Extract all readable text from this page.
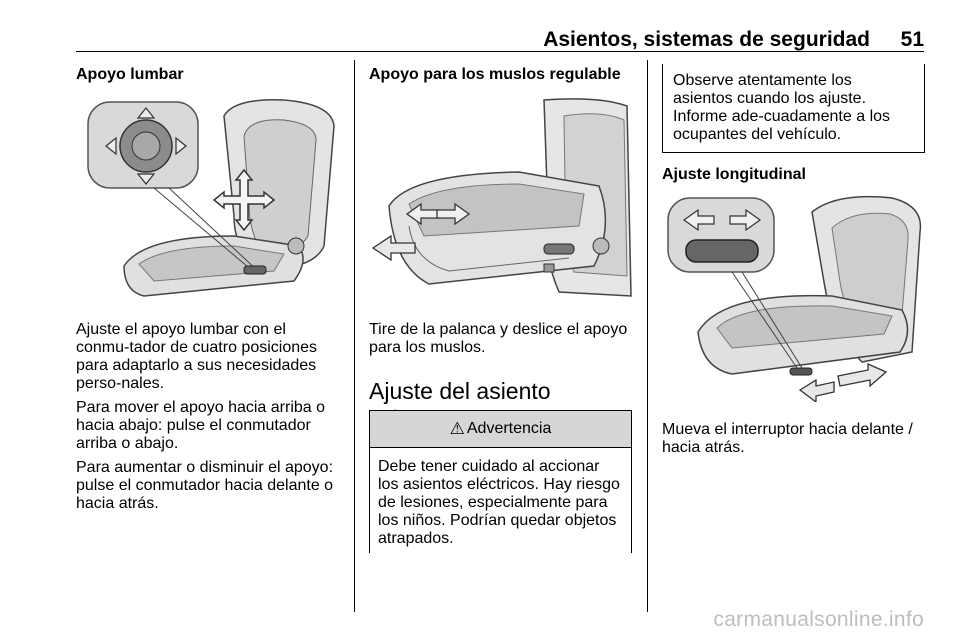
Asientos, sistemas de seguridad 51
Apoyo lumbar

Ajuste el apoyo lumbar con el conmu-tador de cuatro posiciones para adaptarlo a sus necesidades perso-nales.

Para mover el apoyo hacia arriba o hacia abajo: pulse el conmutador arriba o abajo.

Para aumentar o disminuir el apoyo: pulse el conmutador hacia delante o hacia atrás.

Apoyo para los muslos regulable

Tire de la palanca y deslice el apoyo para los muslos.

Ajuste del asiento
⚠ Advertencia
Debe tener cuidado al accionar los asientos eléctricos. Hay riesgo de lesiones, especialmente para los niños. Podrían quedar objetos atrapados.

Observe atentamente los asientos cuando los ajuste. Informe ade-cuadamente a los ocupantes del vehículo.

Ajuste longitudinal

Mueva el interruptor hacia delante / hacia atrás.

carmanualsonline.info
